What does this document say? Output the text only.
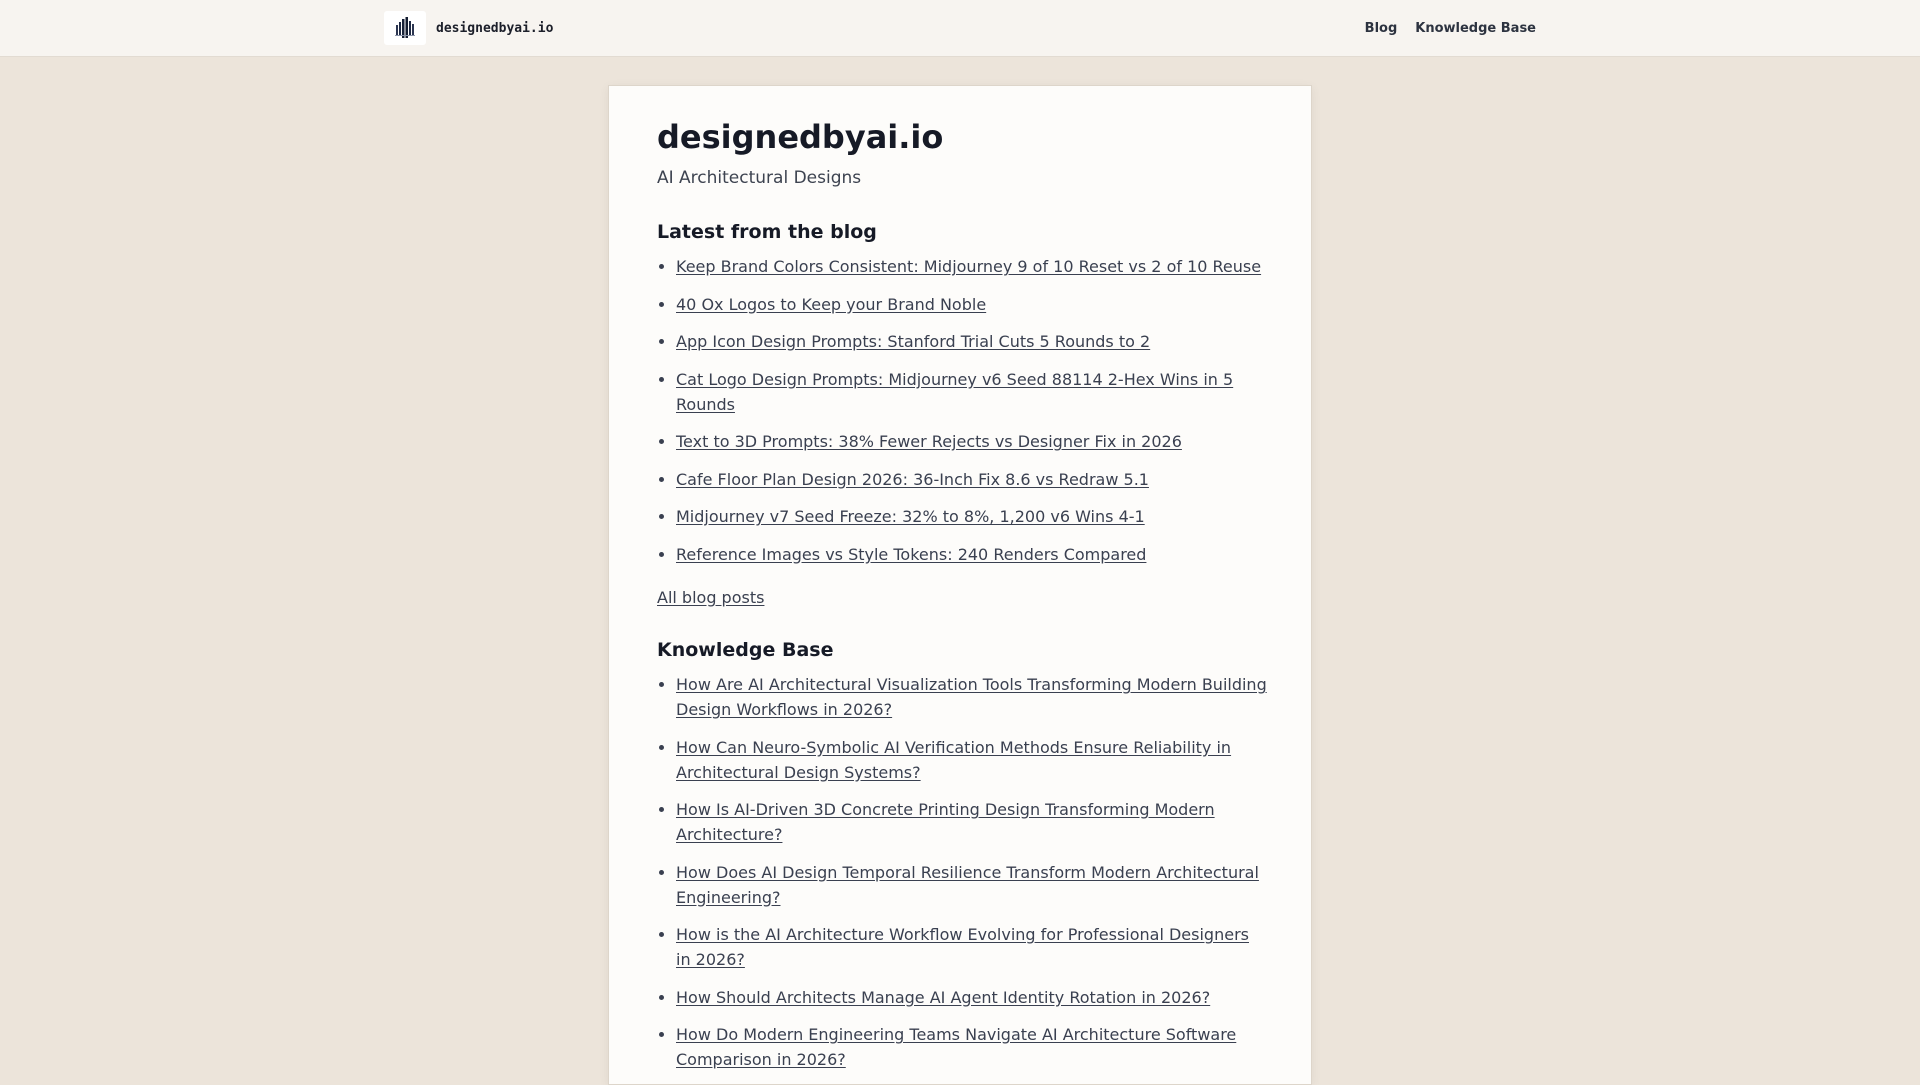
designedbyai.io	Blog Knowledge Base
designedbyai.io

AI Architectural Designs

Latest from the blog
• Keep Brand Colors Consistent: Midjourney 9 of 10 Reset vs 2 of 10 Reuse
• 40 Ox Logos to Keep your Brand Noble
• App Icon Design Prompts: Stanford Trial Cuts 5 Rounds to 2
• Cat Logo Design Prompts: Midjourney v6 Seed 88114 2-Hex Wins in 5 Rounds
• Text to 3D Prompts: 38% Fewer Rejects vs Designer Fix in 2026
• Cafe Floor Plan Design 2026: 36-Inch Fix 8.6 vs Redraw 5.1
• Midjourney v7 Seed Freeze: 32% to 8%, 1,200 v6 Wins 4-1
• Reference Images vs Style Tokens: 240 Renders Compared
All blog posts
Knowledge Base
• How Are AI Architectural Visualization Tools Transforming Modern Building Design Workflows in 2026?
• How Can Neuro-Symbolic AI Verification Methods Ensure Reliability in Architectural Design Systems?
• How Is AI-Driven 3D Concrete Printing Design Transforming Modern Architecture?
• How Does AI Design Temporal Resilience Transform Modern Architectural Engineering?
• How is the AI Architecture Workflow Evolving for Professional Designers in 2026?
• How Should Architects Manage AI Agent Identity Rotation in 2026?
• How Do Modern Engineering Teams Navigate AI Architecture Software Comparison in 2026?
